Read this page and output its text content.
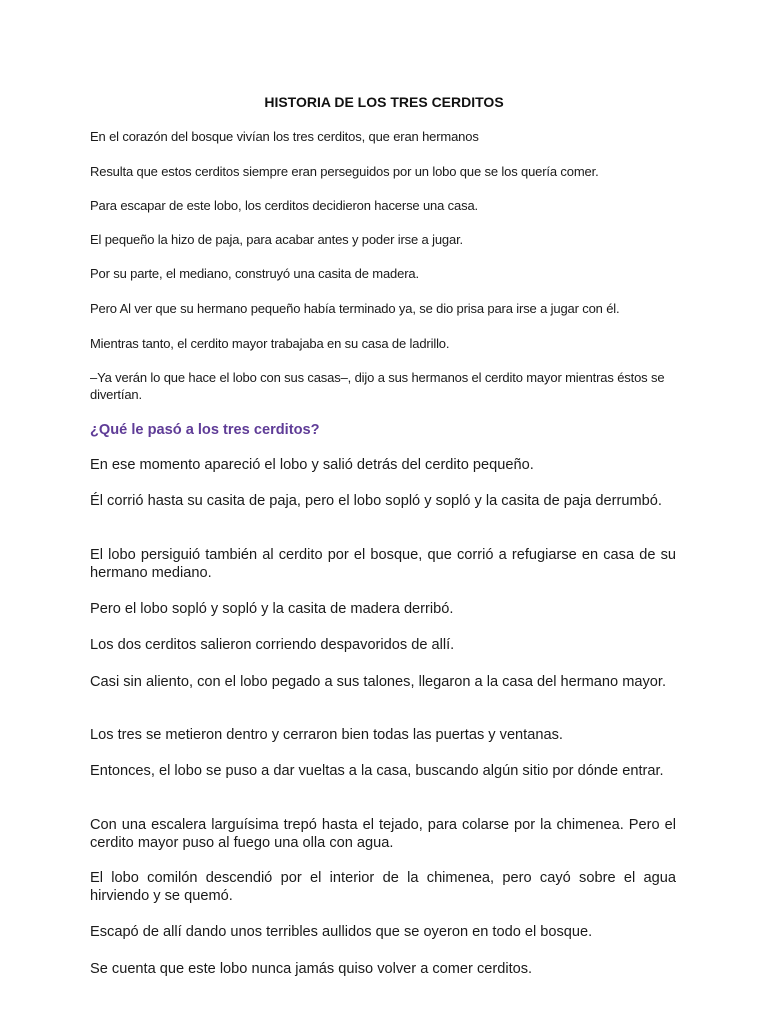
HISTORIA DE LOS TRES CERDITOS

En el corazón del bosque vivían los tres cerditos, que eran hermanos

Resulta que estos cerditos siempre eran perseguidos por un lobo que se los quería comer.

Para escapar de este lobo, los cerditos decidieron hacerse una casa.

El pequeño la hizo de paja, para acabar antes y poder irse a jugar.

Por su parte, el mediano, construyó una casita de madera.

Pero Al ver que su hermano pequeño había terminado ya, se dio prisa para irse a jugar con él.

Mientras tanto, el cerdito mayor trabajaba en su casa de ladrillo.

–Ya verán lo que hace el lobo con sus casas–, dijo a sus hermanos el cerdito mayor mientras éstos se divertían.

¿Qué le pasó a los tres cerditos?

En ese momento apareció el lobo y salió detrás del cerdito pequeño.

Él corrió hasta su casita de paja, pero el lobo sopló y sopló y la casita de paja derrumbó.

El lobo persiguió también al cerdito por el bosque, que corrió a refugiarse en casa de su hermano mediano.

Pero el lobo sopló y sopló y la casita de madera derribó.

Los dos cerditos salieron corriendo despavoridos de allí.

Casi sin aliento, con el lobo pegado a sus talones, llegaron a la casa del hermano mayor.

Los tres se metieron dentro y cerraron bien todas las puertas y ventanas.

Entonces, el lobo se puso a dar vueltas a la casa, buscando algún sitio por dónde entrar.

Con una escalera larguísima trepó hasta el tejado, para colarse por la chimenea. Pero el cerdito mayor puso al fuego una olla con agua.

El lobo comilón descendió por el interior de la chimenea, pero cayó sobre el agua hirviendo y se quemó.

Escapó de allí dando unos terribles aullidos que se oyeron en todo el bosque.

Se cuenta que este lobo nunca jamás quiso volver a comer cerditos.
